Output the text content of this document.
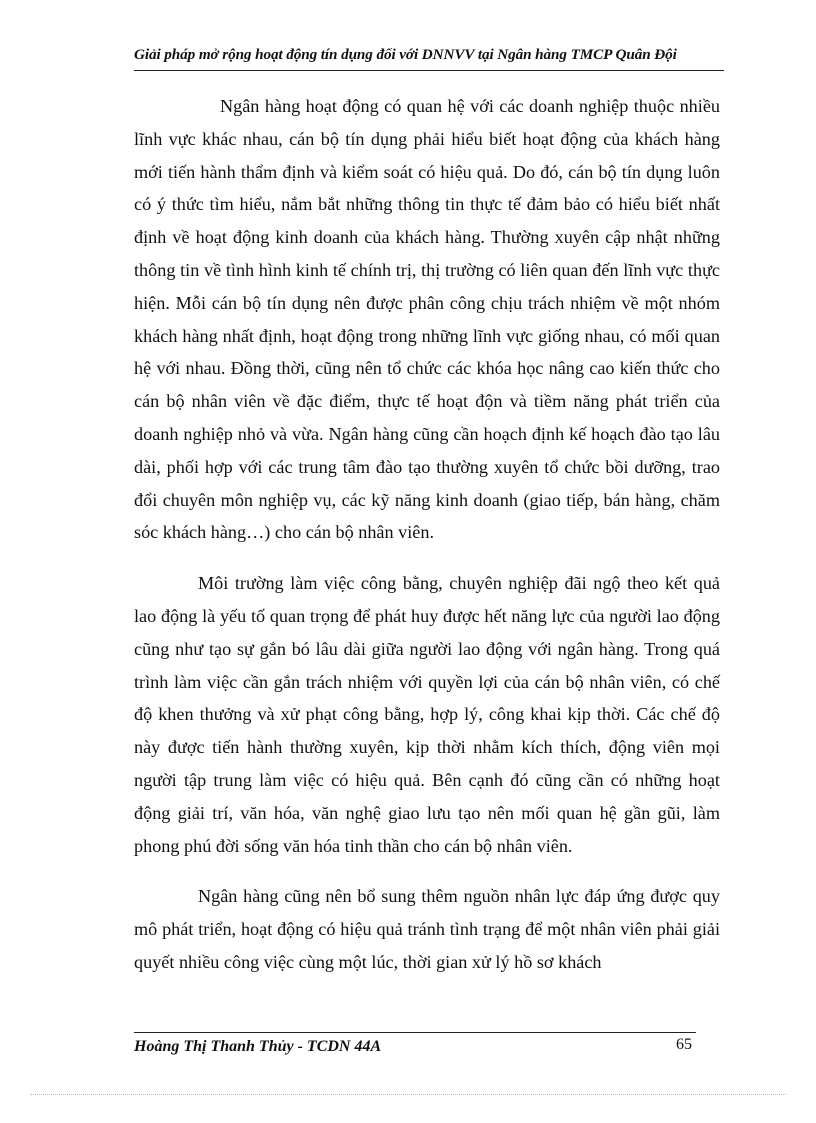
Giải pháp mở rộng hoạt động tín dụng đối với DNNVV tại Ngân hàng TMCP Quân Đội

Ngân hàng hoạt động có quan hệ với các doanh nghiệp thuộc nhiều lĩnh vực khác nhau, cán bộ tín dụng phải hiểu biết hoạt động của khách hàng mới tiến hành thẩm định và kiểm soát có hiệu quả. Do đó, cán bộ tín dụng luôn có ý thức tìm hiểu, nắm bắt những thông tin thực tế đảm bảo có hiểu biết nhất định về hoạt động kinh doanh của khách hàng. Thường xuyên cập nhật những thông tin về tình hình kinh tế chính trị, thị trường có liên quan đến lĩnh vực thực hiện. Mỗi cán bộ tín dụng nên được phân công chịu trách nhiệm về một nhóm khách hàng nhất định, hoạt động trong những lĩnh vực giống nhau, có mối quan hệ với nhau. Đồng thời, cũng nên tổ chức các khóa học nâng cao kiến thức cho cán bộ nhân viên về đặc điểm, thực tế hoạt độn và tiềm năng phát triển của doanh nghiệp nhỏ và vừa. Ngân hàng cũng cần hoạch định kế hoạch đào tạo lâu dài, phối hợp với các trung tâm đào tạo thường xuyên tổ chức bồi dưỡng, trao đổi chuyên môn nghiệp vụ, các kỹ năng kinh doanh (giao tiếp, bán hàng, chăm sóc khách hàng…) cho cán bộ nhân viên.

Môi trường làm việc công bằng, chuyên nghiệp đãi ngộ theo kết quả lao động là yếu tố quan trọng để phát huy được hết năng lực của người lao động cũng như tạo sự gắn bó lâu dài giữa người lao động với ngân hàng. Trong quá trình làm việc cần gắn trách nhiệm với quyền lợi của cán bộ nhân viên, có chế độ khen thưởng và xử phạt công bằng, hợp lý, công khai kịp thời. Các chế độ này được tiến hành thường xuyên, kịp thời nhằm kích thích, động viên mọi người tập trung làm việc có hiệu quả. Bên cạnh đó cũng cần có những hoạt động giải trí, văn hóa, văn nghệ giao lưu tạo nên mối quan hệ gần gũi, làm phong phú đời sống văn hóa tinh thần cho cán bộ nhân viên.

Ngân hàng cũng nên bổ sung thêm nguồn nhân lực đáp ứng được quy mô phát triển, hoạt động có hiệu quả tránh tình trạng để một nhân viên phải giải quyết nhiều công việc cùng một lúc, thời gian xử lý hồ sơ khách

Hoàng Thị Thanh Thủy - TCDN 44A	65
